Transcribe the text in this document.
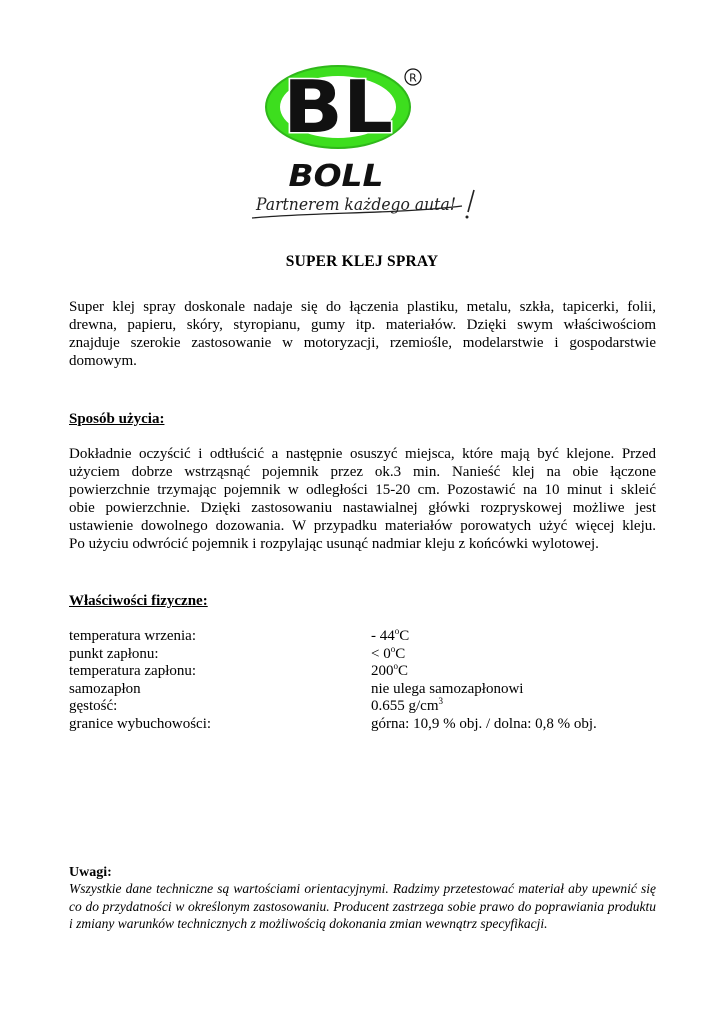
BL R
BOLL
Partnerem każdego auta!
SUPER KLEJ SPRAY
Super klej spray doskonale nadaje się do łączenia plastiku, metalu, szkła, tapicerki, folii,
drewna, papieru, skóry, styropianu, gumy itp. materiałów. Dzięki swym właściwościom
znajduje szerokie zastosowanie w motoryzacji, rzemiośle, modelarstwie i gospodarstwie
domowym.
Sposób użycia:
Dokładnie oczyścić i odtłuścić a następnie osuszyć miejsca, które mają być klejone. Przed
użyciem dobrze wstrząsnąć pojemnik przez ok.3 min. Nanieść klej na obie łączone
powierzchnie trzymając pojemnik w odległości 15-20 cm. Pozostawić na 10 minut i skleić
obie powierzchnie. Dzięki zastosowaniu nastawialnej główki rozpryskowej możliwe jest
ustawienie dowolnego dozowania. W przypadku materiałów porowatych użyć więcej kleju.
Po użyciu odwrócić pojemnik i rozpylając usunąć nadmiar kleju z końcówki wylotowej.
Właściwości fizyczne:
temperatura wrzenia:	- 44$^o$C
punkt zapłonu:	< $0^oC$
temperatura zapłonu:	200$^o$C
samozapłon	nie ulega samozapłonowi
gęstość:	0.655 $g/cm^3$
granice wybuchowości:	górna: 10,9 % obj. / dolna: 0,8 % obj.
Uwagi:
Wszystkie dane techniczne są wartościami orientacyjnymi. Radzimy przetestować materiał aby upewnić się co do przydatności w określonym zastosowaniu. Producent zastrzega sobie prawo do poprawiania produktu i zmiany warunków technicznych z możliwością dokonania zmian wewnątrz specyfikacji.
